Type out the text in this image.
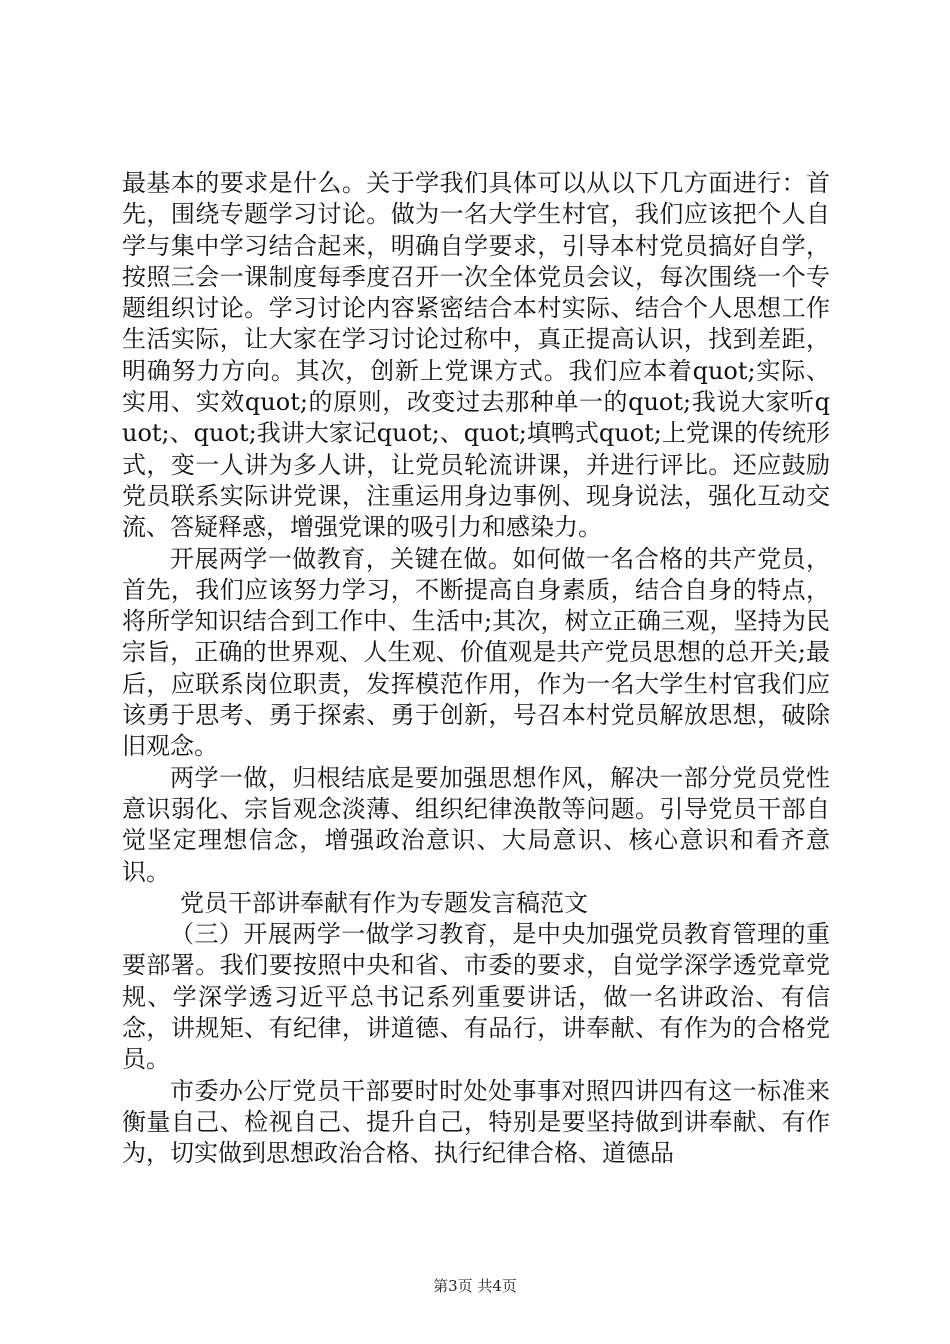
最基本的要求是什么。关于学我们具体可以从以下几方面进行：首先，围绕专题学习讨论。做为一名大学生村官，我们应该把个人自学与集中学习结合起来，明确自学要求，引导本村党员搞好自学，按照三会一课制度每季度召开一次全体党员会议，每次围绕一个专题组织讨论。学习讨论内容紧密结合本村实际、结合个人思想工作生活实际，让大家在学习讨论过称中，真正提高认识，找到差距，明确努力方向。其次，创新上党课方式。我们应本着quot;实际、实用、实效quot;的原则，改变过去那种单一的quot;我说大家听quot;、quot;我讲大家记quot;、quot;填鸭式quot;上党课的传统形式，变一人讲为多人讲，让党员轮流讲课，并进行评比。还应鼓励党员联系实际讲党课，注重运用身边事例、现身说法，强化互动交流、答疑释惑，增强党课的吸引力和感染力。

开展两学一做教育，关键在做。如何做一名合格的共产党员，首先，我们应该努力学习，不断提高自身素质，结合自身的特点，将所学知识结合到工作中、生活中;其次，树立正确三观，坚持为民宗旨，正确的世界观、人生观、价值观是共产党员思想的总开关;最后，应联系岗位职责，发挥模范作用，作为一名大学生村官我们应该勇于思考、勇于探索、勇于创新，号召本村党员解放思想，破除旧观念。

两学一做，归根结底是要加强思想作风，解决一部分党员党性意识弱化、宗旨观念淡薄、组织纪律涣散等问题。引导党员干部自觉坚定理想信念，增强政治意识、大局意识、核心意识和看齐意识。

党员干部讲奉献有作为专题发言稿范文

（三）开展两学一做学习教育，是中央加强党员教育管理的重要部署。我们要按照中央和省、市委的要求，自觉学深学透党章党规、学深学透习近平总书记系列重要讲话，做一名讲政治、有信念，讲规矩、有纪律，讲道德、有品行，讲奉献、有作为的合格党员。

市委办公厅党员干部要时时处处事事对照四讲四有这一标准来衡量自己、检视自己、提升自己，特别是要坚持做到讲奉献、有作为，切实做到思想政治合格、执行纪律合格、道德品

第3页 共4页
